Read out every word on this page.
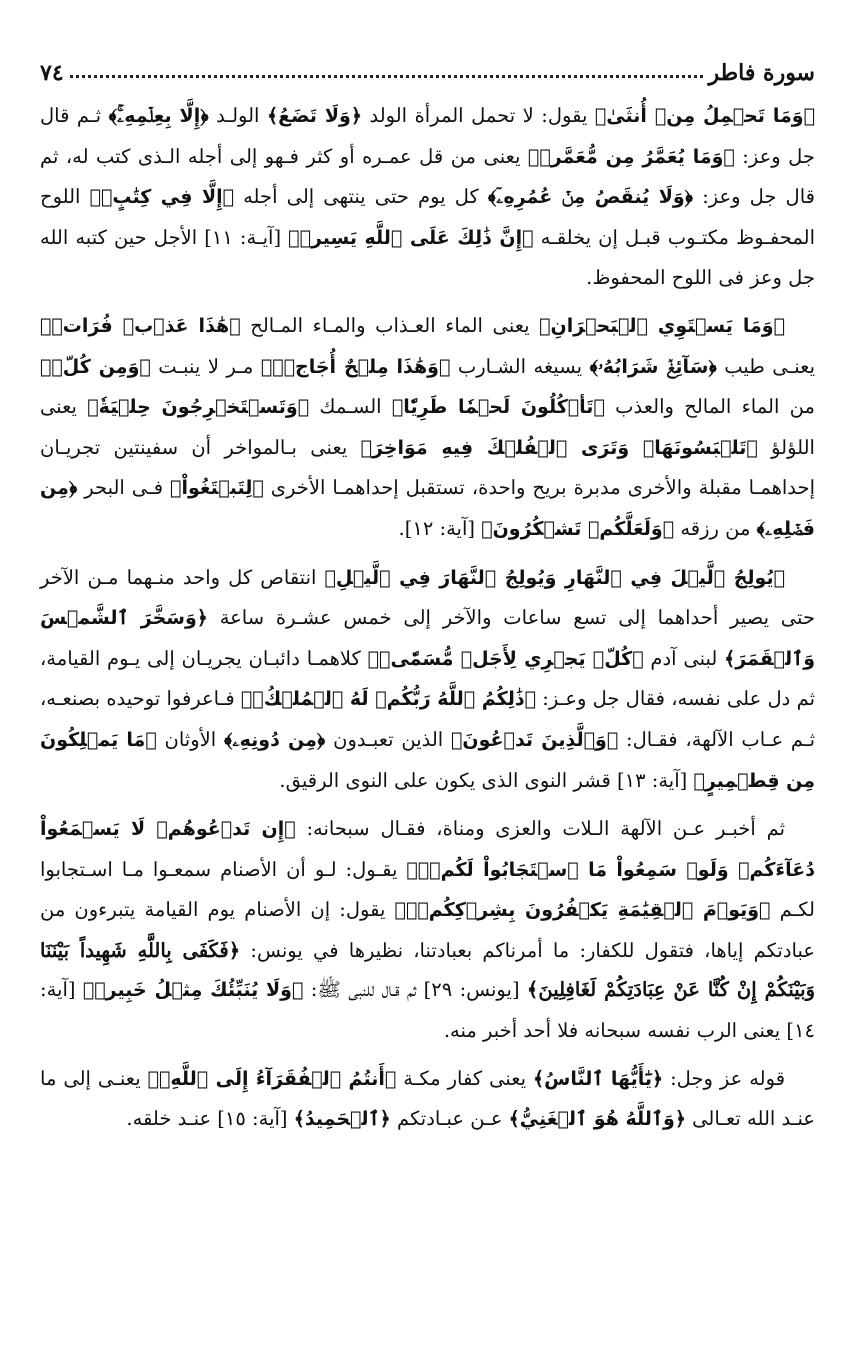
سورة فاطر
٧٤

﴿وَمَا تَحۡمِلُ مِنۡ أُنثَىٰ﴾ يقول: لا تحمل المرأة الولد ﴿وَلَا تَضَعُ﴾ الولـد ﴿إِلَّا بِعِلۡمِهِۦۚ﴾ ثـم قال جل وعز: ﴿وَمَا يُعَمَّرُ مِن مُّعَمَّرٖ﴾ يعنى من قل عمـره أو كثر فـهو إلى أجله الـذى كتب له، ثم قال جل وعز: ﴿وَلَا يُنقَصُ مِنۡ عُمُرِهِۦٓ﴾ كل يوم حتى ينتهى إلى أجله ﴿إِلَّا فِي كِتَٰبٍۚ﴾ اللوح المحفـوظ مكتـوب قبـل إن يخلقـه ﴿إِنَّ ذَٰلِكَ عَلَى ٱللَّهِ يَسِيرٞ﴾ [آيـة: ١١] الأجل حين كتبه الله جل وعز فى اللوح المحفوظ.

﴿وَمَا يَسۡتَوِي ٱلۡبَحۡرَانِ﴾ يعنى الماء العـذاب والمـاء المـالح ﴿هَٰذَا عَذۡبٞ فُرَاتٞ﴾ يعنـى طيب ﴿سَآئِغٞ شَرَابُهُۥ﴾ يسيغه الشـارب ﴿وَهَٰذَا مِلۡحٌ أُجَاجٞۖ﴾ مـر لا ينبـت ﴿وَمِن كُلّٖ﴾ من الماء المالح والعذب ﴿تَأۡكُلُونَ لَحۡمٗا طَرِيّٗا﴾ السـمك ﴿وَتَسۡتَخۡرِجُونَ حِلۡيَةٗ﴾ يعنى اللؤلؤ ﴿تَلۡبَسُونَهَاۖ وَتَرَى ٱلۡفُلۡكَ فِيهِ مَوَاخِرَ﴾ يعنى بـالمواخر أن سفينتين تجريـان إحداهمـا مقبلة والأخرى مدبرة بريح واحدة، تستقبل إحداهمـا الأخرى ﴿لِتَبۡتَغُواْ﴾ فـى البحر ﴿مِن فَضۡلِهِۦ﴾ من رزقه ﴿وَلَعَلَّكُمۡ تَشۡكُرُونَ﴾ [آية: ١٢].

﴿يُولِجُ ٱلَّيۡلَ فِي ٱلنَّهَارِ وَيُولِجُ ٱلنَّهَارَ فِي ٱلَّيۡلِ﴾ انتقاص كل واحد منـهما مـن الآخر حتى يصير أحداهما إلى تسع ساعات والآخر إلى خمس عشـرة ساعة ﴿وَسَخَّرَ ٱلشَّمۡسَ وَٱلۡقَمَرَ﴾ لبنى آدم ﴿كُلّٞ يَجۡرِي لِأَجَلٖ مُّسَمّٗىۚ﴾ كلاهمـا دائبـان يجريـان إلى يـوم القيامة، ثم دل على نفسه، فقال جل وعـز: ﴿ذَٰلِكُمُ ٱللَّهُ رَبُّكُمۡ لَهُ ٱلۡمُلۡكُۚ﴾ فـاعرفوا توحيده بصنعـه، ثـم عـاب الآلهة، فقـال: ﴿وَٱلَّذِينَ تَدۡعُونَ﴾ الذين تعبـدون ﴿مِن دُونِهِۦ﴾ الأوثان ﴿مَا يَمۡلِكُونَ مِن قِطۡمِيرٍ﴾ [آية: ١٣] قشر النوى الذى يكون على النوى الرقيق.

ثم أخبـر عـن الآلهة الـلات والعزى ومناة، فقـال سبحانه: ﴿إِن تَدۡعُوهُمۡ لَا يَسۡمَعُواْ دُعَآءَكُمۡ وَلَوۡ سَمِعُواْ مَا ٱسۡتَجَابُواْ لَكُمۡۖ﴾ يقـول: لـو أن الأصنام سمعـوا مـا اسـتجابوا لكـم ﴿وَيَوۡمَ ٱلۡقِيَٰمَةِ يَكۡفُرُونَ بِشِرۡكِكُمۡۚ﴾ يقول: إن الأصنام يوم القيامة يتبرءون من عبادتكم إياها، فتقول للكفار: ما أمرناكم بعبادتنا، نظيرها في يونس: ﴿فَكَفَى بِاللَّهِ شَهِيداً بَيْنَنَا وَبَيْنَكُمْ إِنْ كُنَّا عَنْ عِبَادَتِكُمْ لَغَافِلِينَ﴾ [يونس: ٢٩] ثم قـال للنبى ﷺ: ﴿وَلَا يُنَبِّئُكَ مِثۡلُ خَبِيرٖ﴾ [آية: ١٤] يعنى الرب نفسه سبحانه فلا أحد أخبر منه.

قوله عز وجل: ﴿يَٰٓأَيُّهَا ٱلنَّاسُ﴾ يعنى كفار مكـة ﴿أَنتُمُ ٱلۡفُقَرَآءُ إِلَى ٱللَّهِۖ﴾ يعنـى إلى ما عنـد الله تعـالى ﴿وَٱللَّهُ هُوَ ٱلۡغَنِيُّ﴾ عـن عبـادتكم ﴿ٱلۡحَمِيدُ﴾ [آية: ١٥] عنـد خلقه.
